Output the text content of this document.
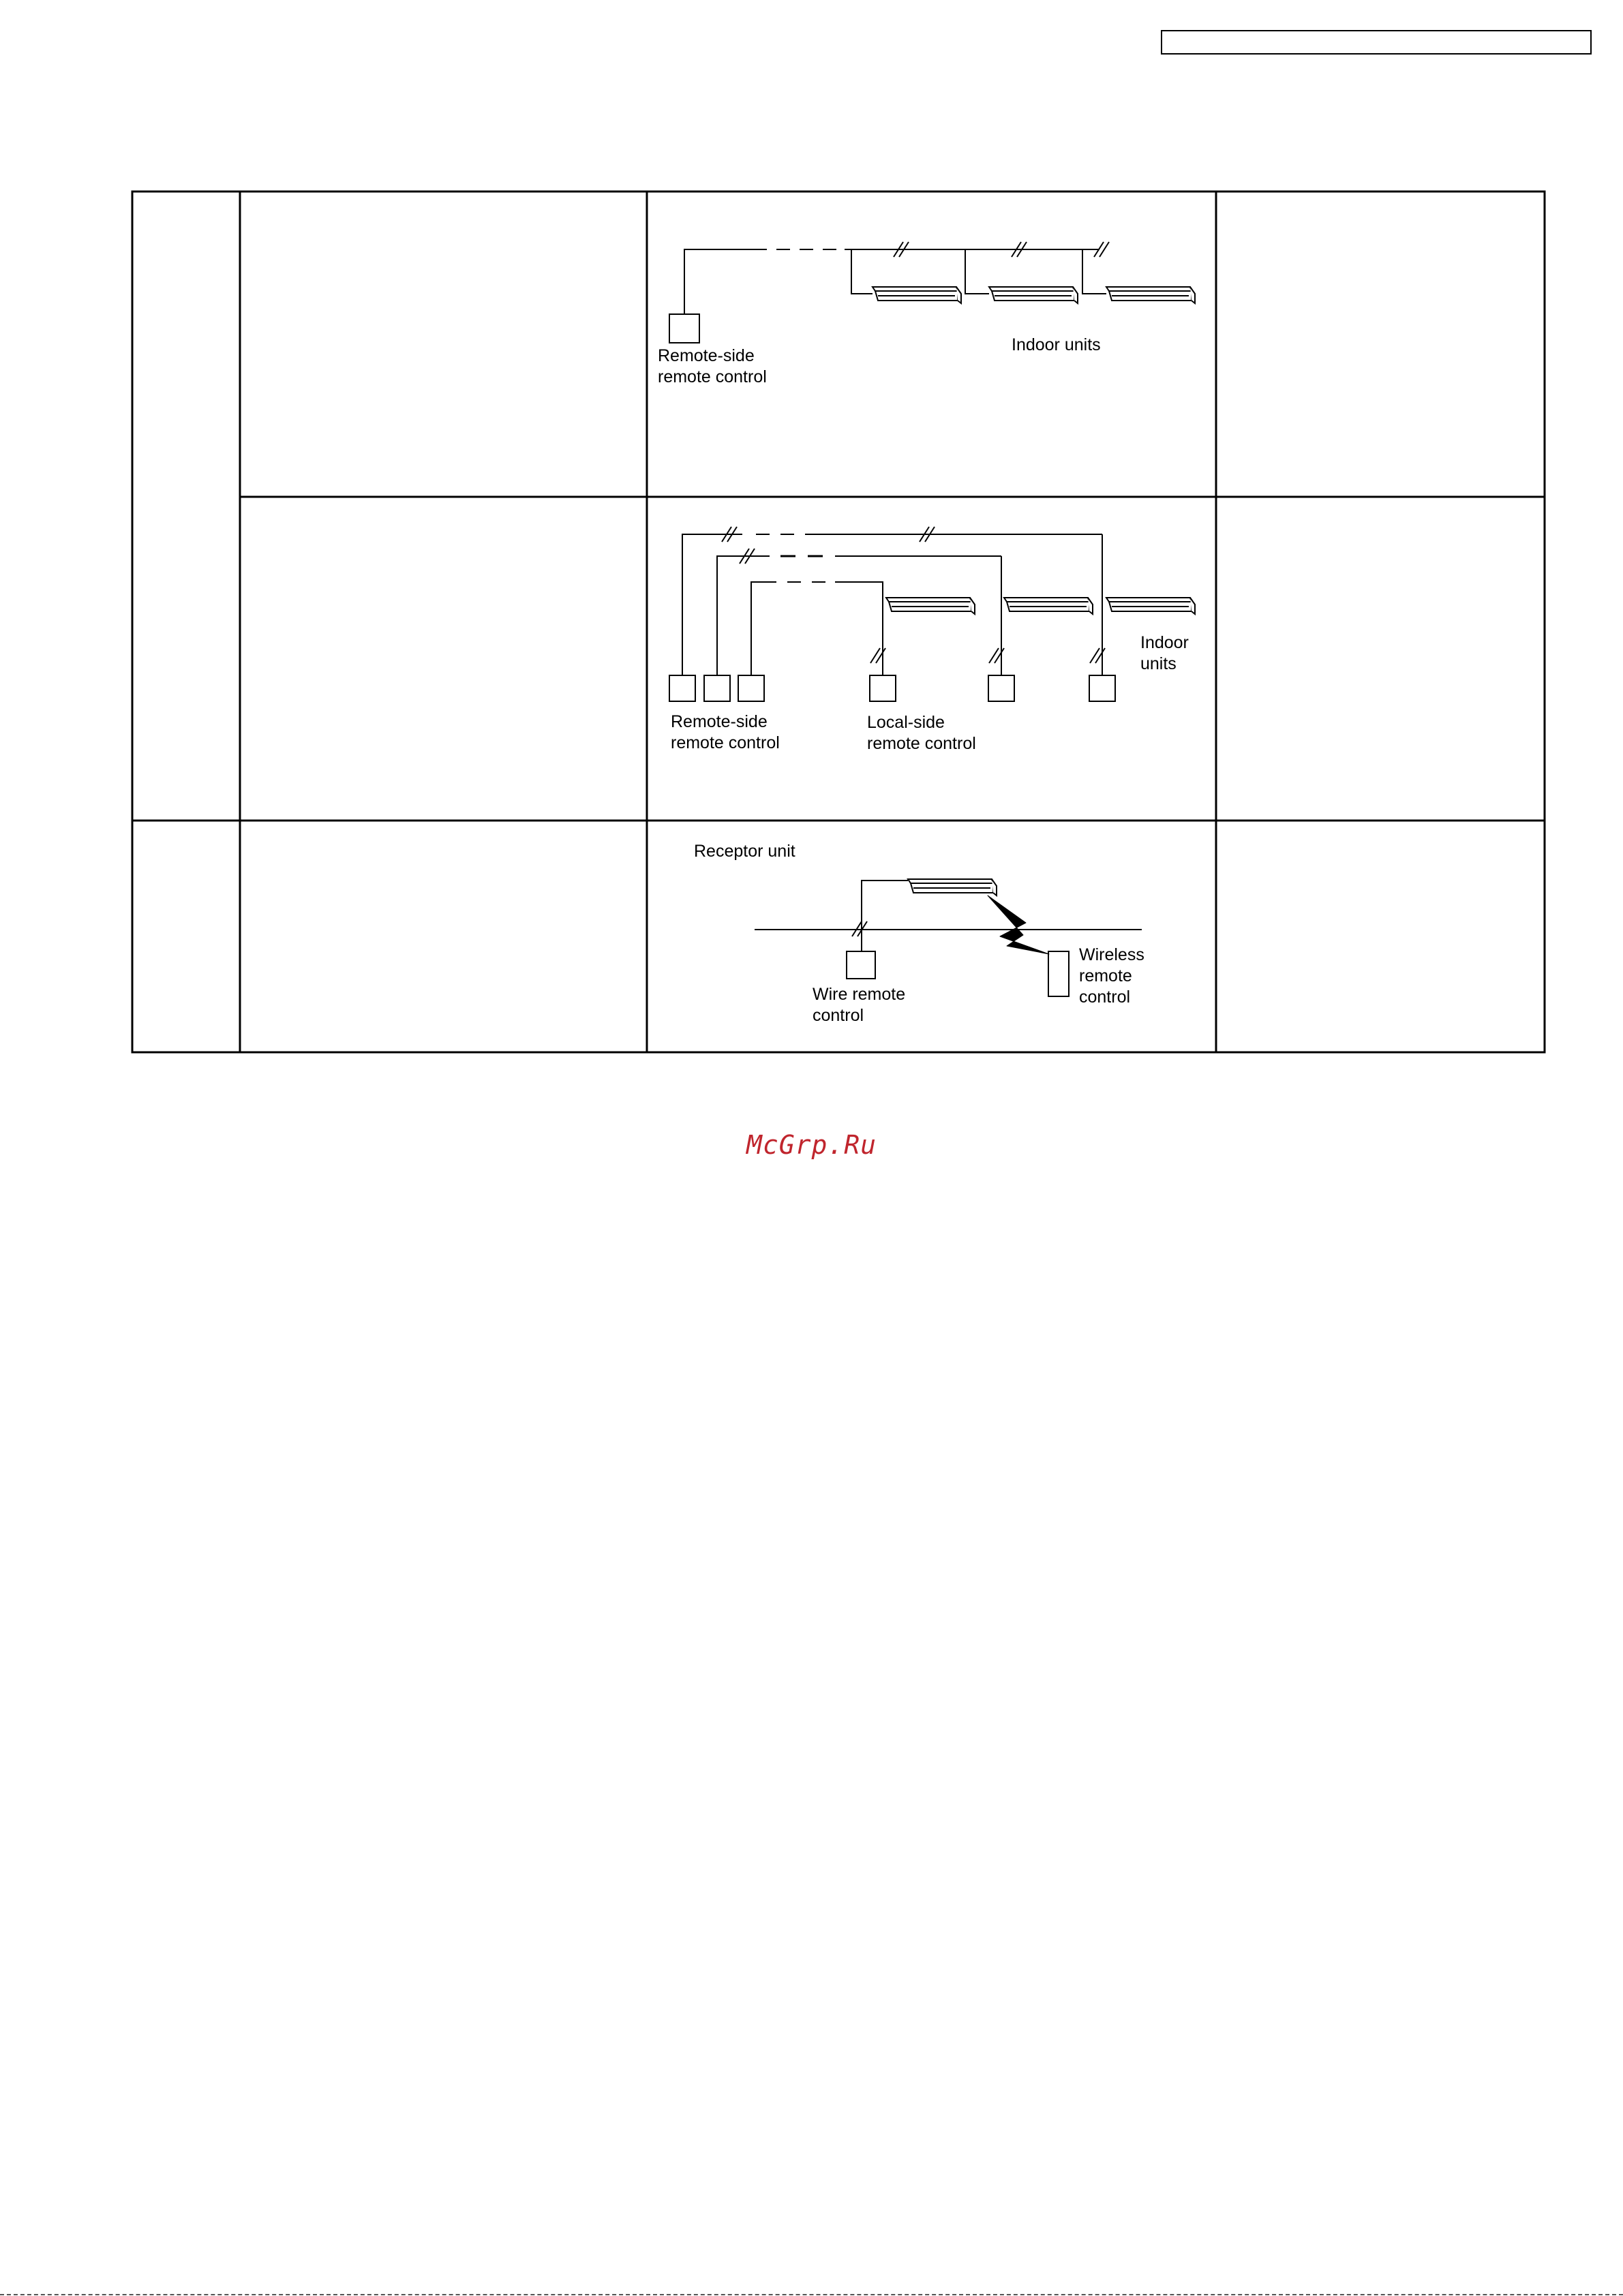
Remote-side
remote control
Indoor units
Remote-side
remote control
Local-side
remote control
Indoor
units
Receptor unit
Wire remote
control
Wireless
remote
control
McGrp.Ru
